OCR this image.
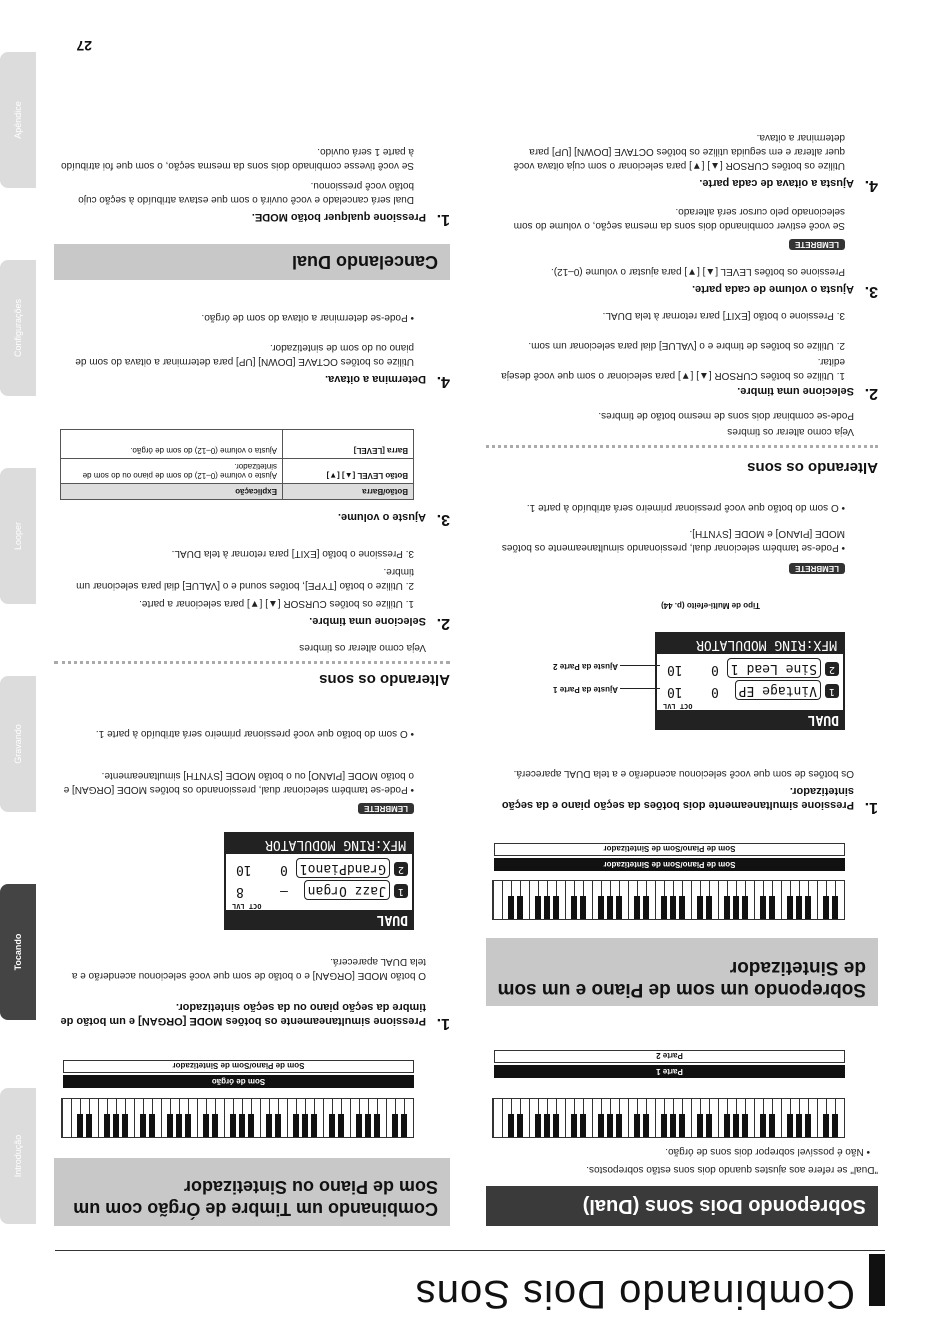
Introdução
Tocando
Gravando
Looper
Configurações
Apêndice
Combinando Dois Sons
27
Sobrepondo Dois Sons (Dual)
"Dual" se refere aos ajustes quando dois sons estão sobrepostos.
• Não é possível sobrepor dois sons de órgão.
Parte 1
Parte 2
Sobrepondo um som de Piano e um som de Sintetizador
Som de Piano/Som de Sintetizador
Som de Piano/Som de Sintetizador
1.
Pressione simultaneamente dois botões da seção piano e da seção sintetizador.
Os botões de som que você selecionou acenderão e a tela DUAL aparecerá.
DUAL
OCT LVL
1
Vintage EP
0
10
2
Sine Lead 1
0
10
MFX:RING MODULATOR
Ajuste da Parte 1
Ajuste da Parte 2
Tipo de Multi-efeito (p. 44)
LEMBRETE
• Pode-se também selecionar dual, pressionando simultaneamente os botões MODE [PIANO] e MODE [SYNTH].
• O som do botão que você pressionar primeiro será atribuído à parte 1.
Alterando os sons
Veja como alterar os timbres
Pode-se combinar dois sons de mesmo botão de timbres.
2.
Selecione uma timbre.
1. Utilize os botões CURSOR [▲] [▼] para selecionar o som que você deseja editar.
2. Utilize os botões de timbre e o [VALUE] dial para selecionar um som.
3. Pressione o botão [EXIT] para retornar à tela DUAL.
3.
Ajusta o volume de cada parte.
Pressione os botões LEVEL [▲] [▼] para ajustar o volume (0–12).
LEMBRETE
Se você estiver combinando dois sons da mesma seção, o volume do som selecionado pelo cursor será alterado.
4.
Ajusta a oitava de cada parte.
Utilize os botões CURSOR [▲] [▼] para selecionar o som cuja oitava você quer alterar e em seguida utilize os botões OCTAVE [DOWN] [UP] para determinar a oitava.
Combinando um Timbre de Órgão com um Som de Piano ou Sintetizador
Som de órgão
Som de Piano/Som de Sintetizador
1.
Pressione simultaneamente os botões MODE [ORGAN] e um botão de timbre da seção piano ou da seção sintetizador.
O botão MODE [ORGAN] e o botão de som que você selecionou acenderão e a tela DUAL aparecerá.
DUAL
OCT LVL
1
Jazz Organ
–
8
2
GrandPiano1
0
10
MFX:RING MODULATOR
LEMBRETE
• Pode-se também selecionar dual, pressionando os botões MODE [ORGAN] e o botão MODE [PIANO] ou o botão MODE [SYNTH] simultaneamente.
• O som do botão que você pressionar primeiro será atribuído à parte 1.
Alterando os sons
Veja como alterar os timbres
2.
Selecione uma timbre.
1. Utilize os botões CURSOR [▲] [▼] para selecionar a parte.
2. Utilize o botão [TYPE], botões sound e o [VALUE] dial para selecionar um timbre.
3. Pressione o botão [EXIT] para retornar à tela DUAL.
3.
Ajuste o volume.
Botão/Barra	Explicação
Botão LEVEL [▲] [▼]	Ajuste o volume (0–12) do som de piano ou do som de sintetizador.
Barra [LEVEL]	Ajusta o volume (0–12) do som de órgão.
4.
Determina a oitava.
Utilize os botões OCTAVE [DOWN] [UP] para determinar a oitava do som de piano ou do som de sintetizador.
• Pode-se determinar a oitava do som de órgão.
Cancelando Dual
1.
Pressione qualquer botão MODE.
Dual será cancelado e você ouvirá o som que estava atribuído à seção cujo botão você pressionou.
Se você tivesse combinado dois sons da mesma seção, o som que foi atribuído à parte 1 será ouvido.
